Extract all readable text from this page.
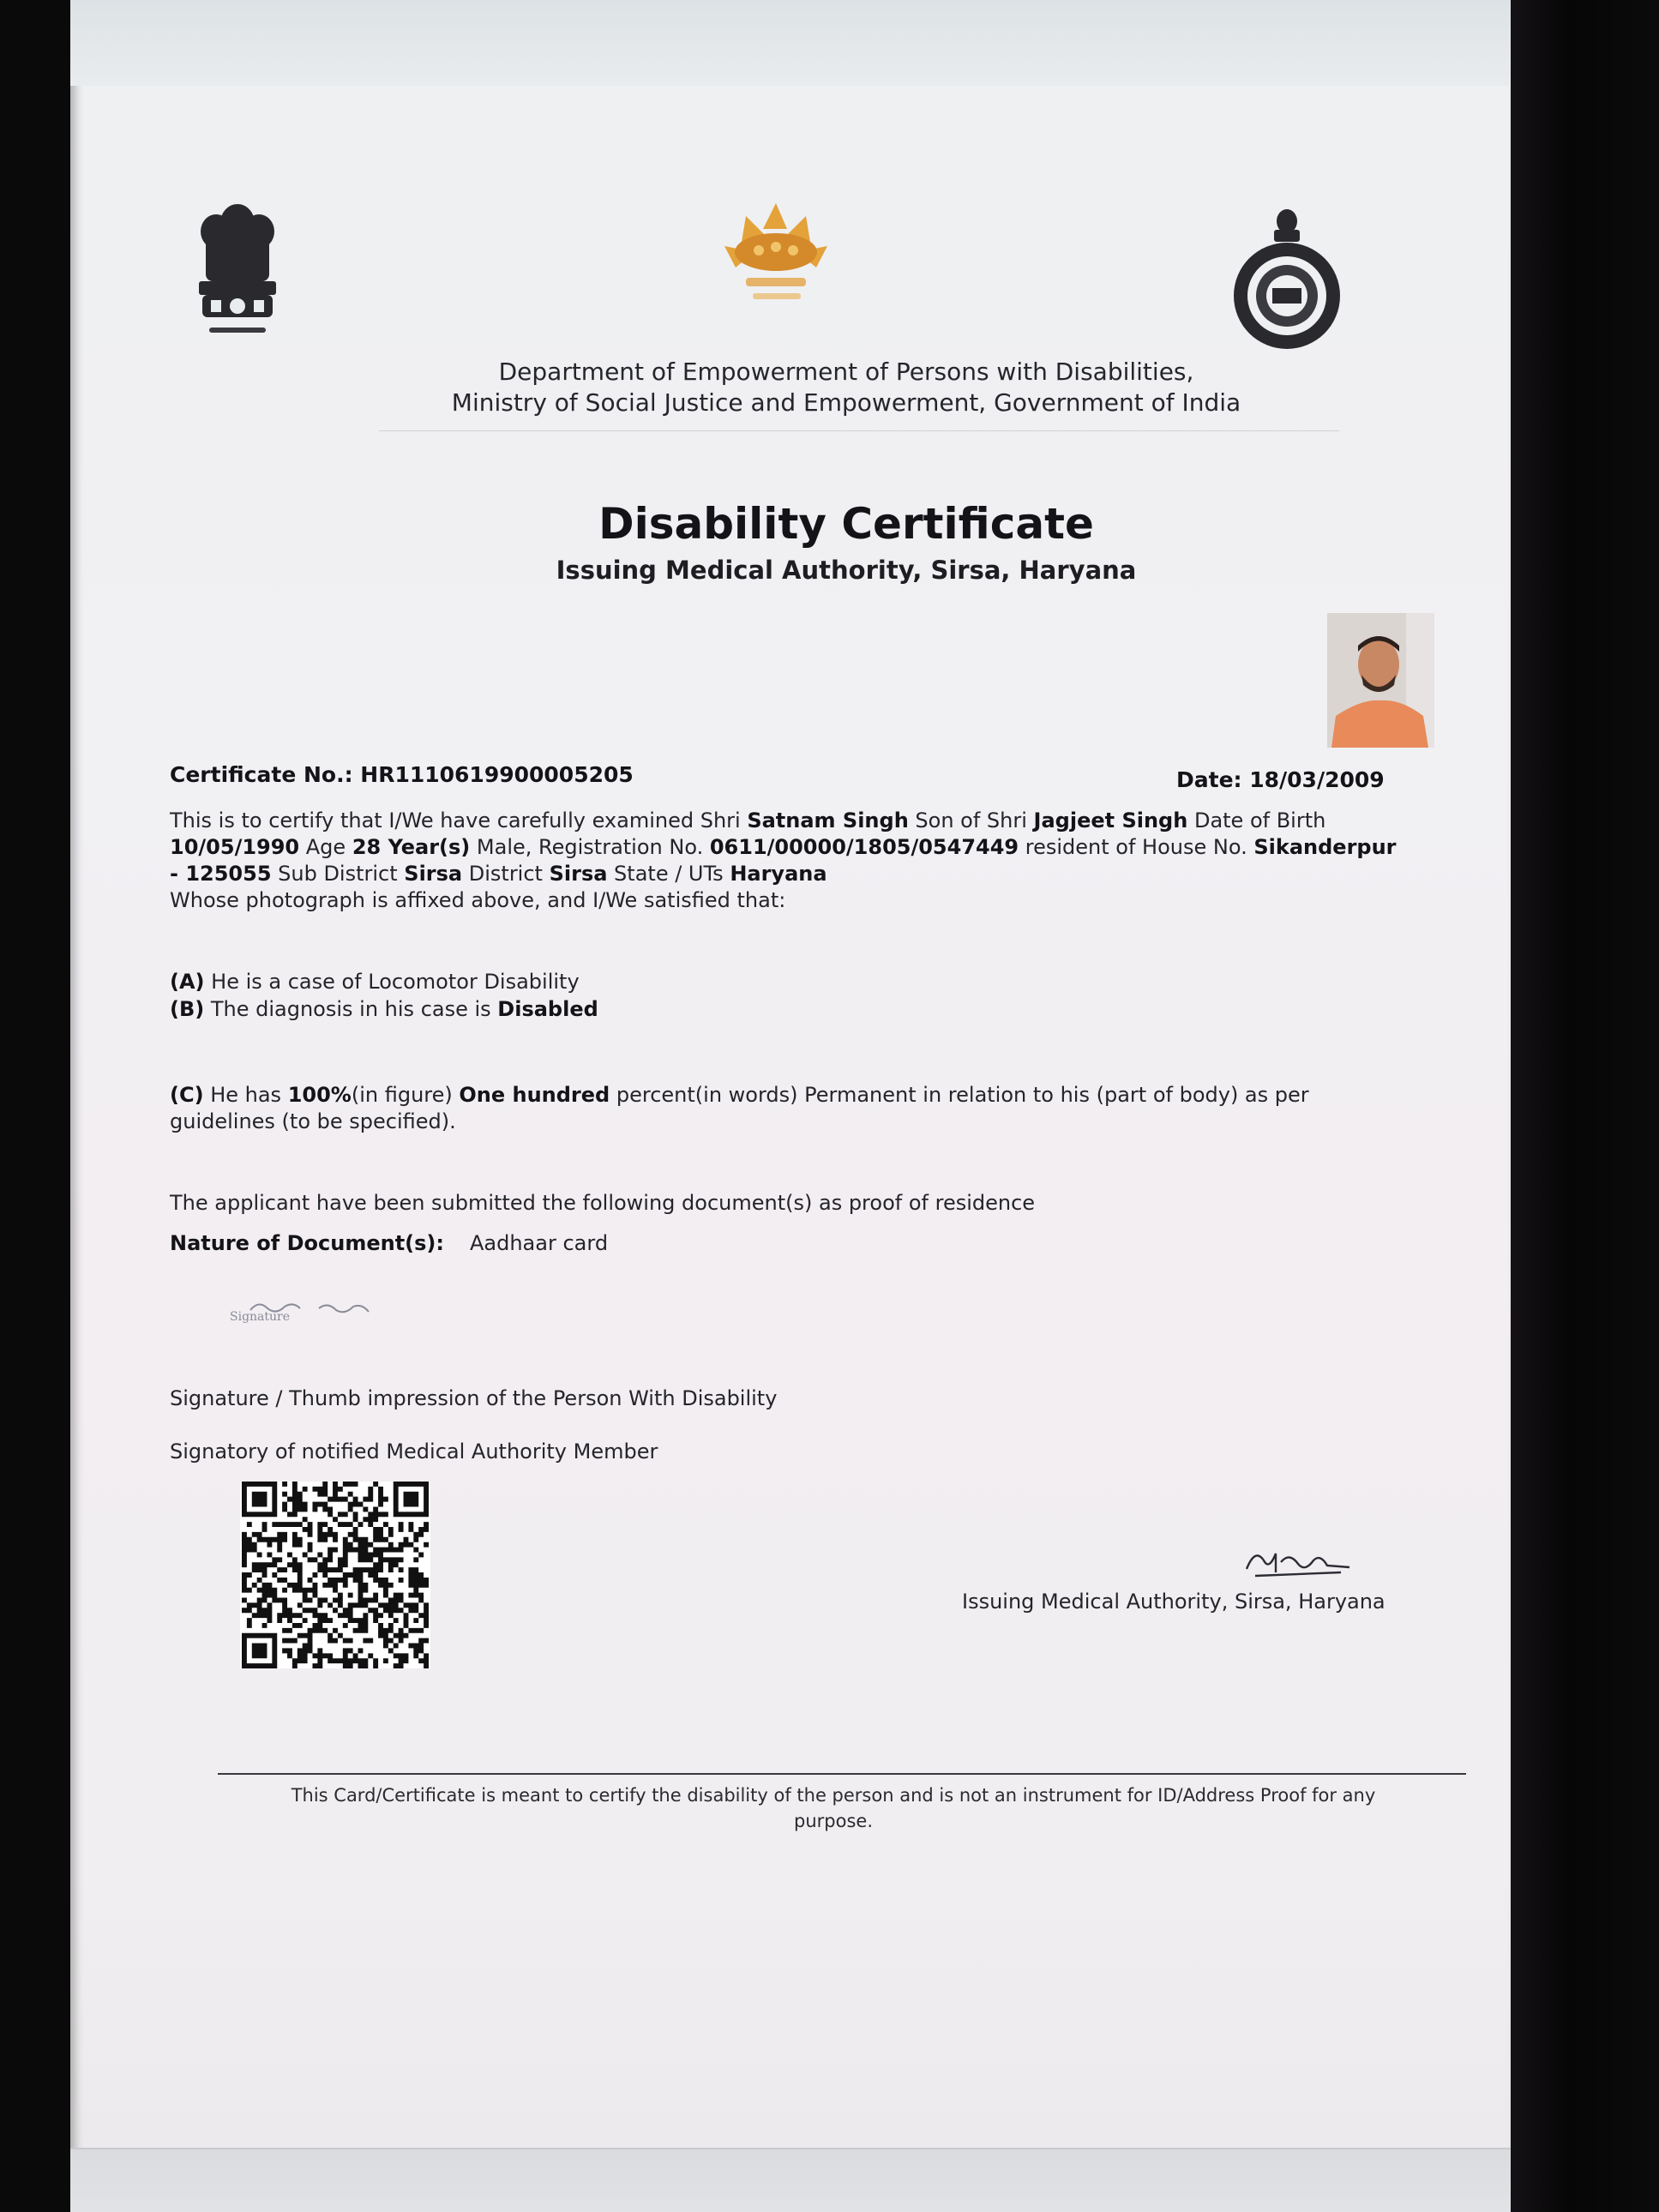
Department of Empowerment of Persons with Disabilities,
Ministry of Social Justice and Empowerment, Government of India
Disability Certificate
Issuing Medical Authority, Sirsa, Haryana
Certificate No.: HR1110619900005205	Date: 18/03/2009
This is to certify that I/We have carefully examined Shri Satnam Singh Son of Shri Jagjeet Singh Date of Birth
10/05/1990 Age 28 Year(s) Male, Registration No. 0611/00000/1805/0547449 resident of House No. Sikanderpur
- 125055 Sub District Sirsa District Sirsa State / UTs Haryana
Whose photograph is affixed above, and I/We satisfied that:
(A) He is a case of Locomotor Disability
(B) The diagnosis in his case is Disabled
(C) He has 100%(in figure) One hundred percent(in words) Permanent in relation to his (part of body) as per
guidelines (to be specified).
The applicant have been submitted the following document(s) as proof of residence
Nature of Document(s): Aadhaar card
Signature
Signature / Thumb impression of the Person With Disability
Signatory of notified Medical Authority Member
Issuing Medical Authority, Sirsa, Haryana
This Card/Certificate is meant to certify the disability of the person and is not an instrument for ID/Address Proof for any
purpose.
